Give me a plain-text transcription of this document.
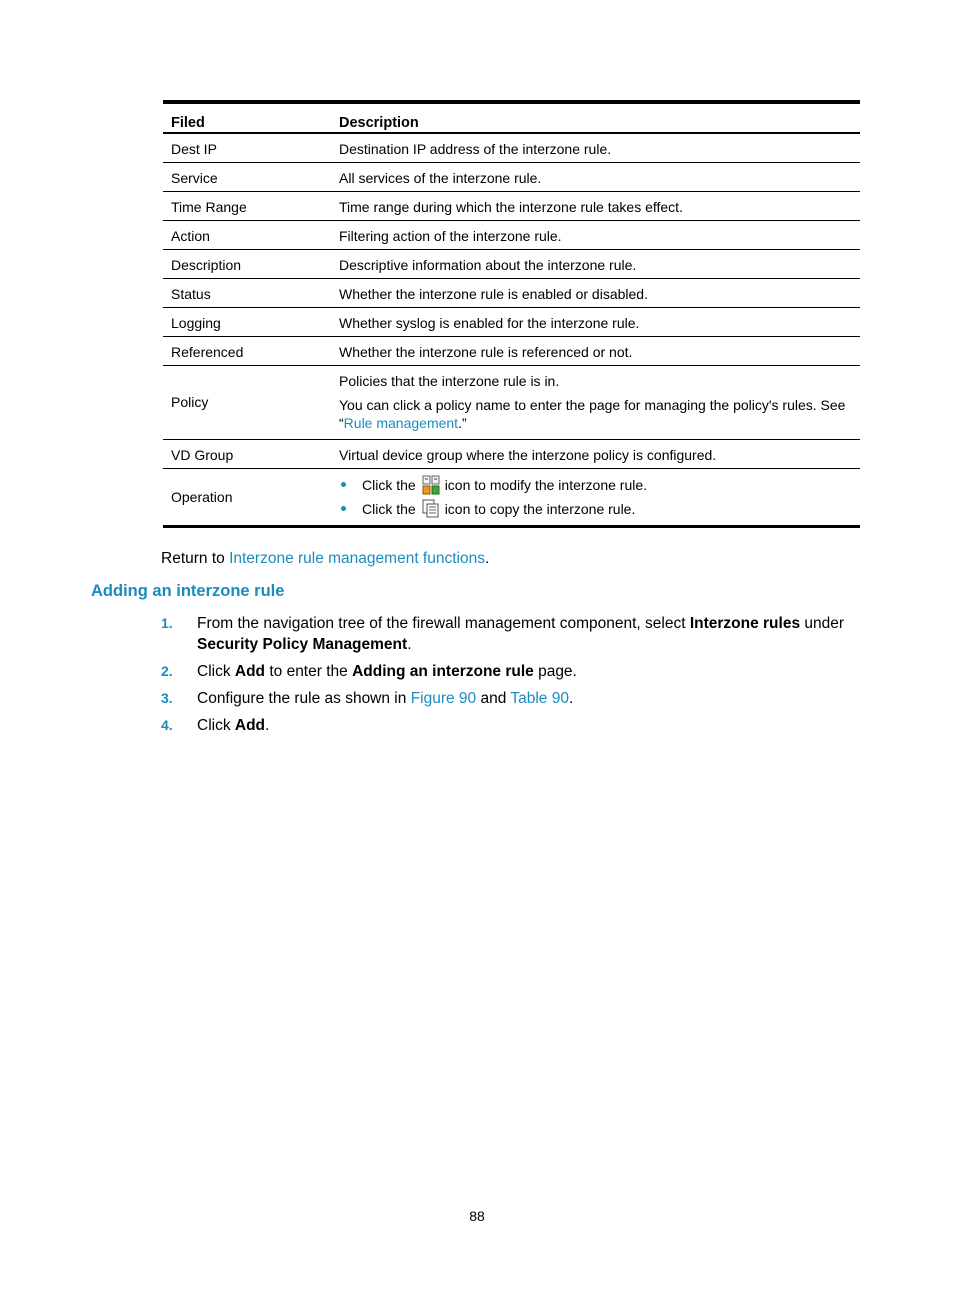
Filed	Description
Dest IP	Destination IP address of the interzone rule.
Service	All services of the interzone rule.
Time Range	Time range during which the interzone rule takes effect.
Action	Filtering action of the interzone rule.
Description	Descriptive information about the interzone rule.
Status	Whether the interzone rule is enabled or disabled.
Logging	Whether syslog is enabled for the interzone rule.
Referenced	Whether the interzone rule is referenced or not.
Policy	Policies that the interzone rule is in.

You can click a policy name to enter the page for managing the policy's rules. See “Rule management.”

VD Group	Virtual device group where the interzone policy is configured.
Operation	Click the icon to modify the interzone rule.
Click the icon to copy the interzone rule.
Return to Interzone rule management functions.
Adding an interzone rule
1.	From the navigation tree of the firewall management component, select Interzone rules under Security Policy Management.
2.	Click Add to enter the Adding an interzone rule page.
3.	Configure the rule as shown in Figure 90 and Table 90.
4.	Click Add.
88
